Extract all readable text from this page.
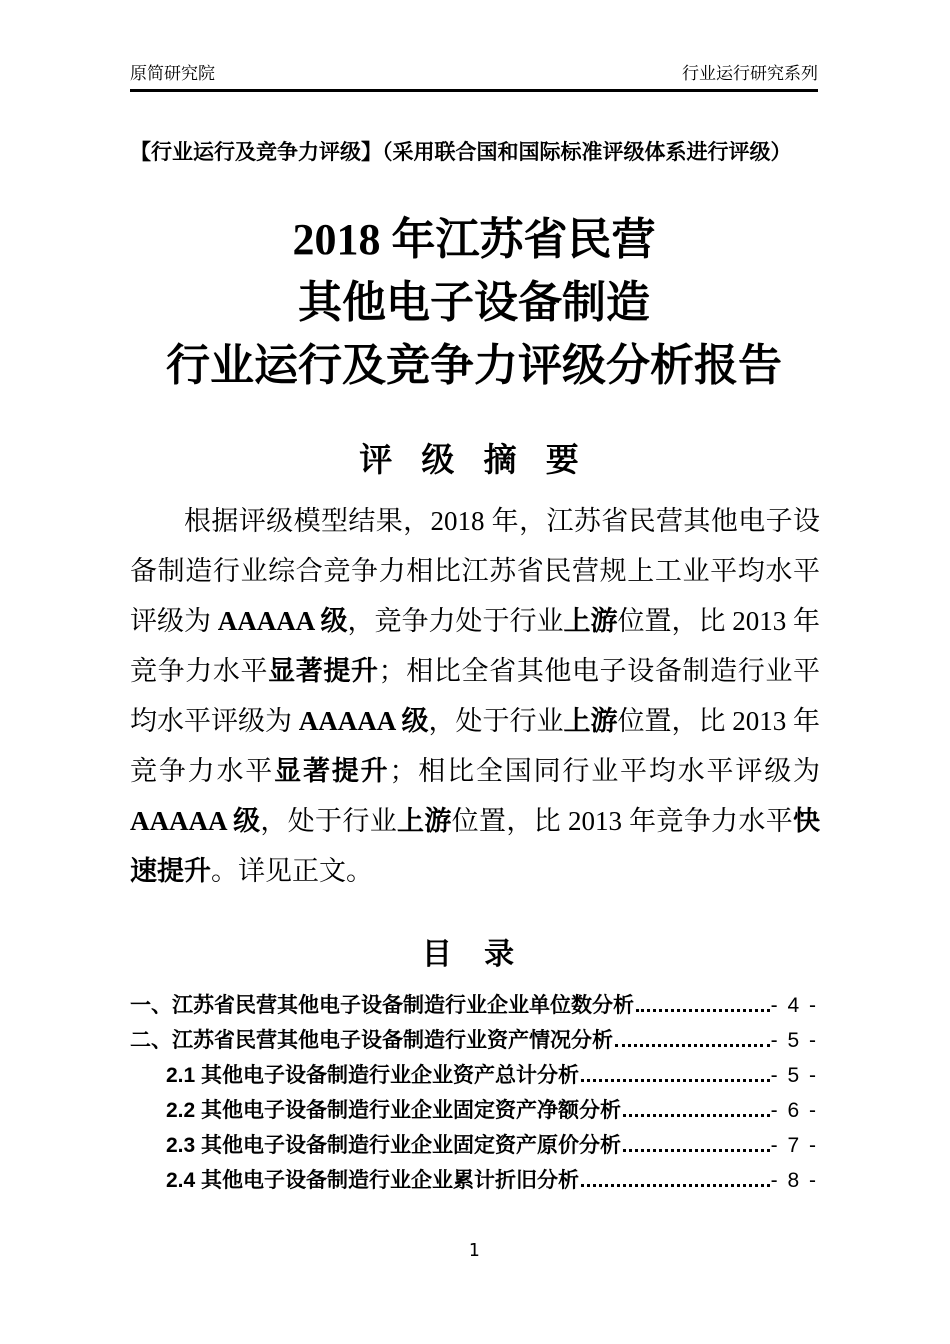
原简研究院	行业运行研究系列
【行业运行及竞争力评级】（采用联合国和国际标准评级体系进行评级）
2018 年江苏省民营
其他电子设备制造
行业运行及竞争力评级分析报告
评 级 摘 要

根据评级模型结果，2018 年，江苏省民营其他电子设备制造行业综合竞争力相比江苏省民营规上工业平均水平评级为 AAAAA 级，竞争力处于行业上游位置，比 2013 年竞争力水平显著提升；相比全省其他电子设备制造行业平均水平评级为 AAAAA 级，处于行业上游位置，比 2013 年竞争力水平显著提升；相比全国同行业平均水平评级为 AAAAA 级，处于行业上游位置，比 2013 年竞争力水平快速提升。详见正文。

目 录
一、江苏省民营其他电子设备制造行业企业单位数分析	- 4 -
二、江苏省民营其他电子设备制造行业资产情况分析	- 5 -
2.1 其他电子设备制造行业企业资产总计分析	- 5 -
2.2 其他电子设备制造行业企业固定资产净额分析	- 6 -
2.3 其他电子设备制造行业企业固定资产原价分析	- 7 -
2.4 其他电子设备制造行业企业累计折旧分析	- 8 -
1
